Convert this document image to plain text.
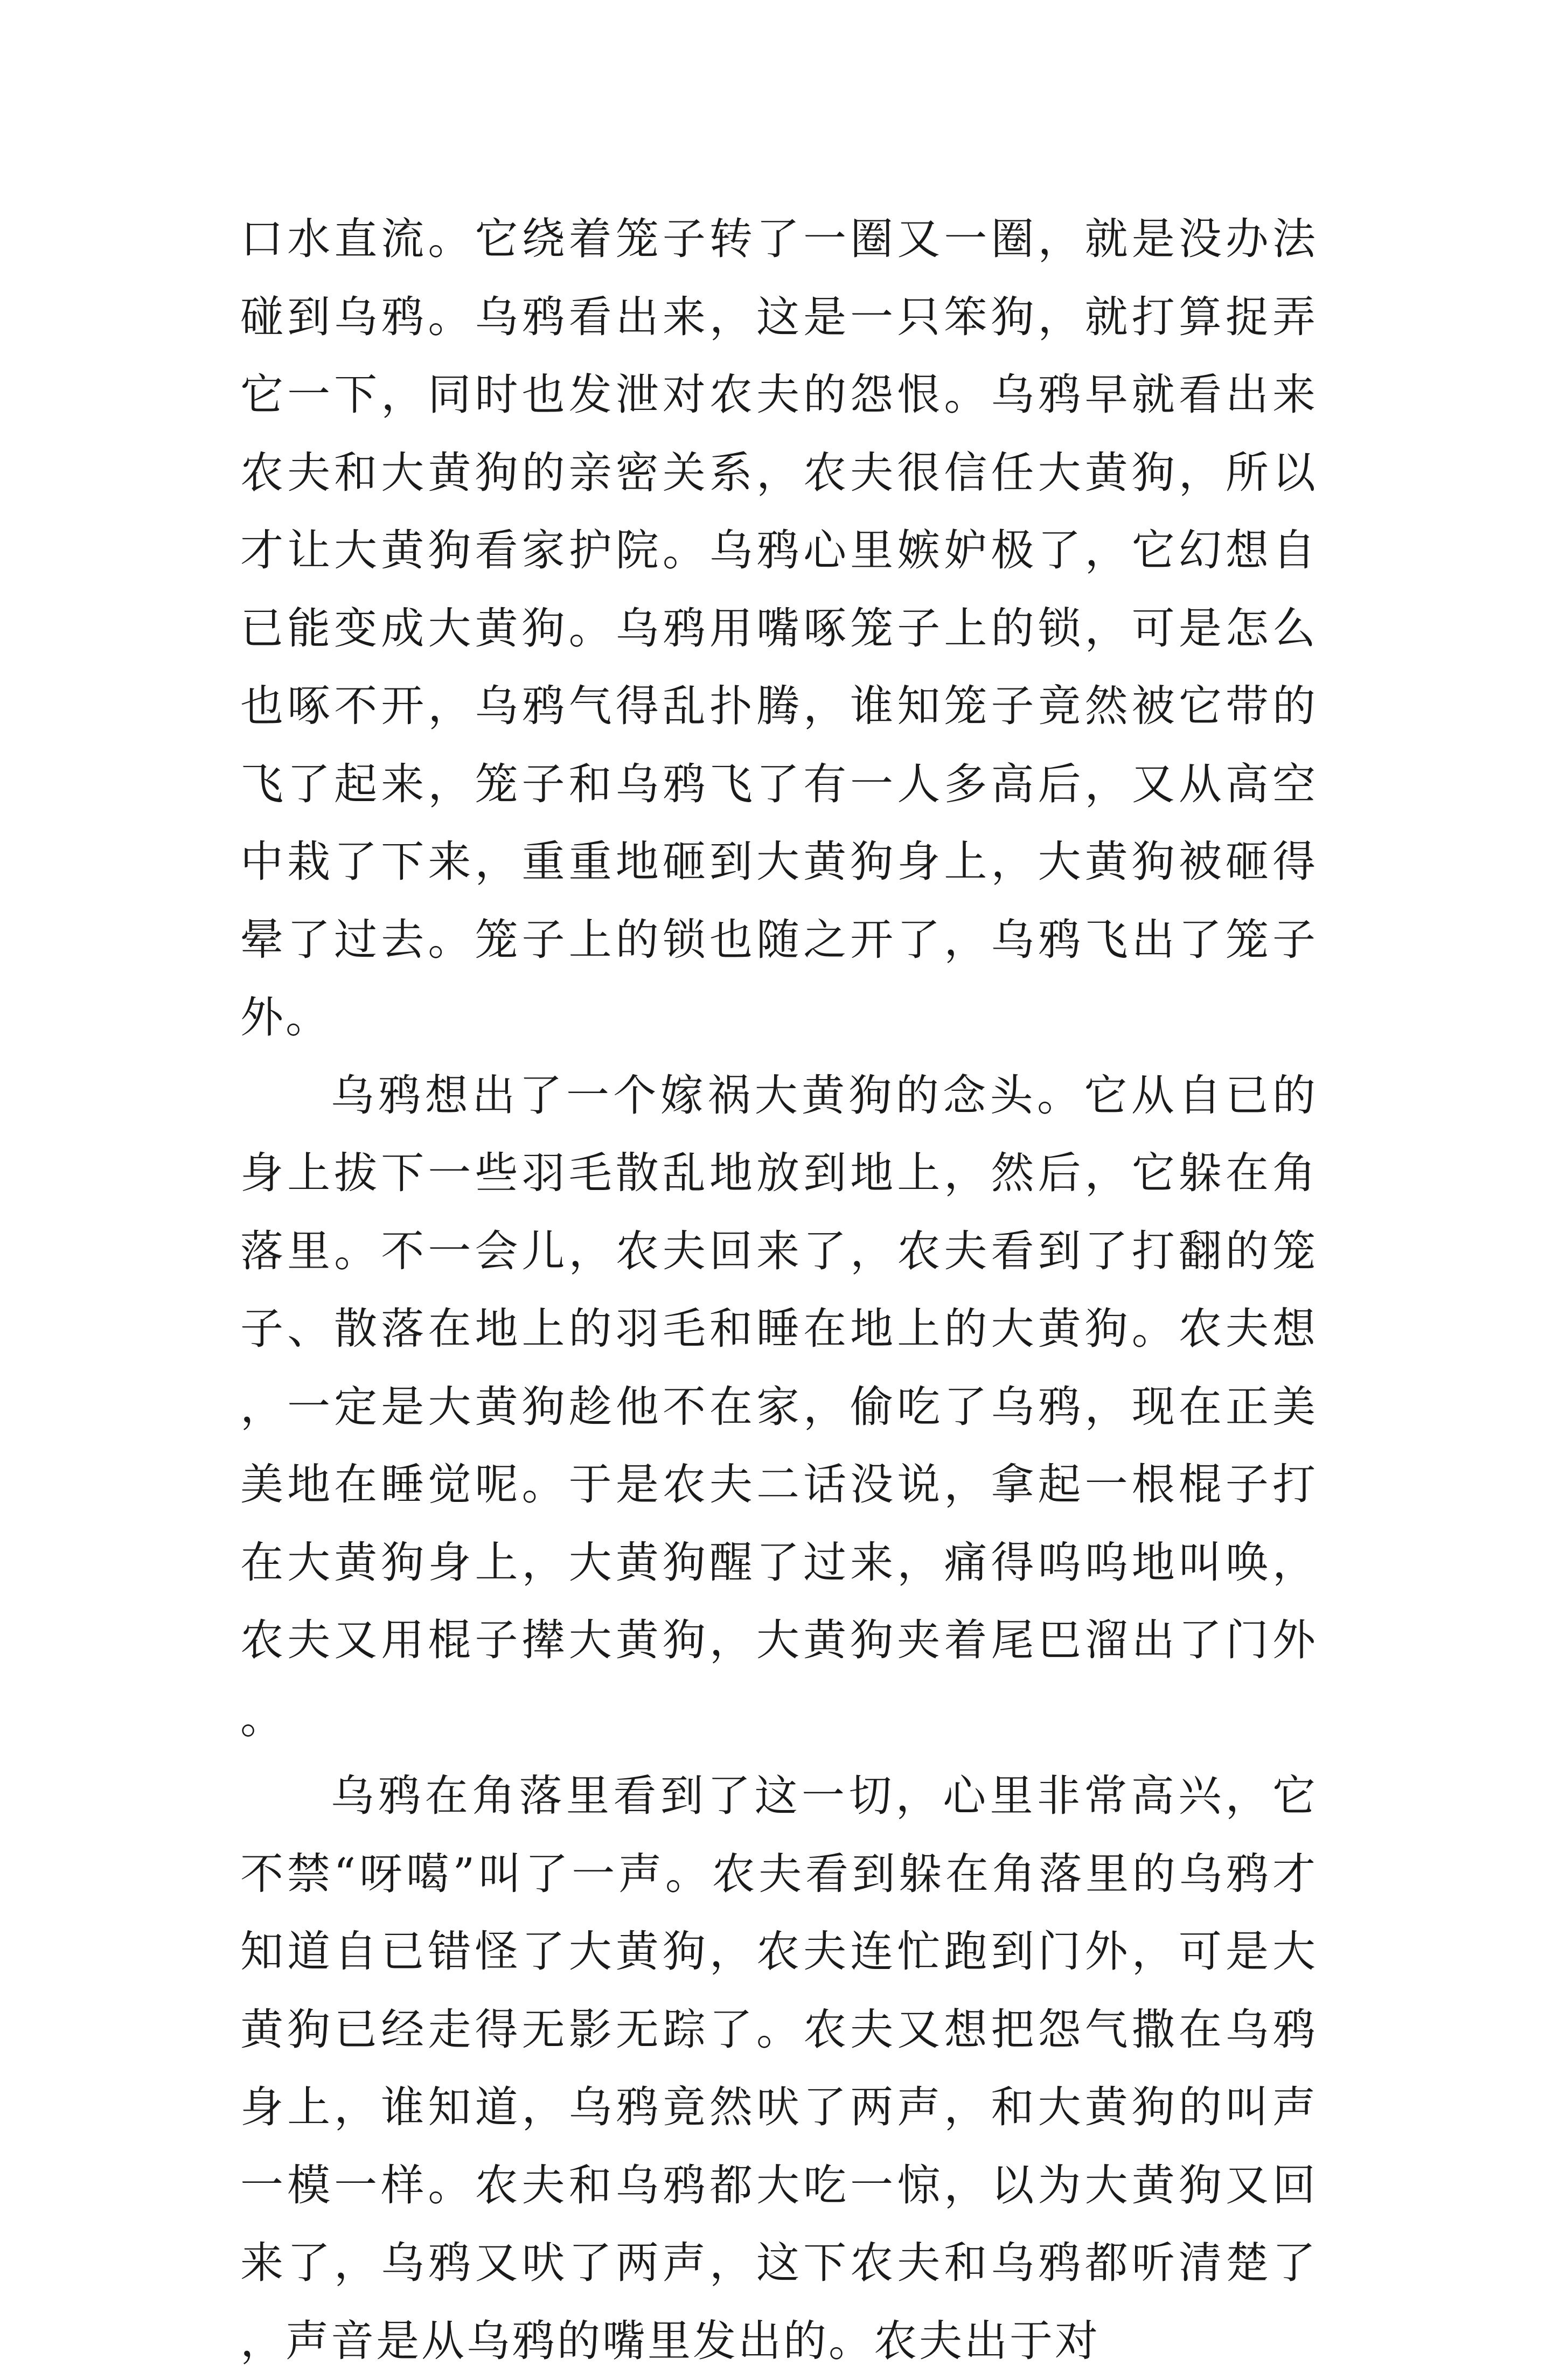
口水直流。它绕着笼子转了一圈又一圈，就是没办法碰到乌鸦。乌鸦看出来，这是一只笨狗，就打算捉弄它一下，同时也发泄对农夫的怨恨。乌鸦早就看出来农夫和大黄狗的亲密关系，农夫很信任大黄狗，所以才让大黄狗看家护院。乌鸦心里嫉妒极了，它幻想自已能变成大黄狗。乌鸦用嘴啄笼子上的锁，可是怎么也啄不开，乌鸦气得乱扑腾，谁知笼子竟然被它带的飞了起来，笼子和乌鸦飞了有一人多高后，又从高空中栽了下来，重重地砸到大黄狗身上，大黄狗被砸得晕了过去。笼子上的锁也随之开了，乌鸦飞出了笼子外。

乌鸦想出了一个嫁祸大黄狗的念头。它从自已的身上拔下一些羽毛散乱地放到地上，然后，它躲在角落里。不一会儿，农夫回来了，农夫看到了打翻的笼子、散落在地上的羽毛和睡在地上的大黄狗。农夫想，一定是大黄狗趁他不在家，偷吃了乌鸦，现在正美美地在睡觉呢。于是农夫二话没说，拿起一根棍子打在大黄狗身上，大黄狗醒了过来，痛得呜呜地叫唤，农夫又用棍子撵大黄狗，大黄狗夹着尾巴溜出了门外。

乌鸦在角落里看到了这一切，心里非常高兴，它不禁“呀噶”叫了一声。农夫看到躲在角落里的乌鸦才知道自已错怪了大黄狗，农夫连忙跑到门外，可是大黄狗已经走得无影无踪了。农夫又想把怨气撒在乌鸦身上，谁知道，乌鸦竟然吠了两声，和大黄狗的叫声一模一样。农夫和乌鸦都大吃一惊，以为大黄狗又回来了，乌鸦又吠了两声，这下农夫和乌鸦都听清楚了，声音是从乌鸦的嘴里发出的。农夫出于对
